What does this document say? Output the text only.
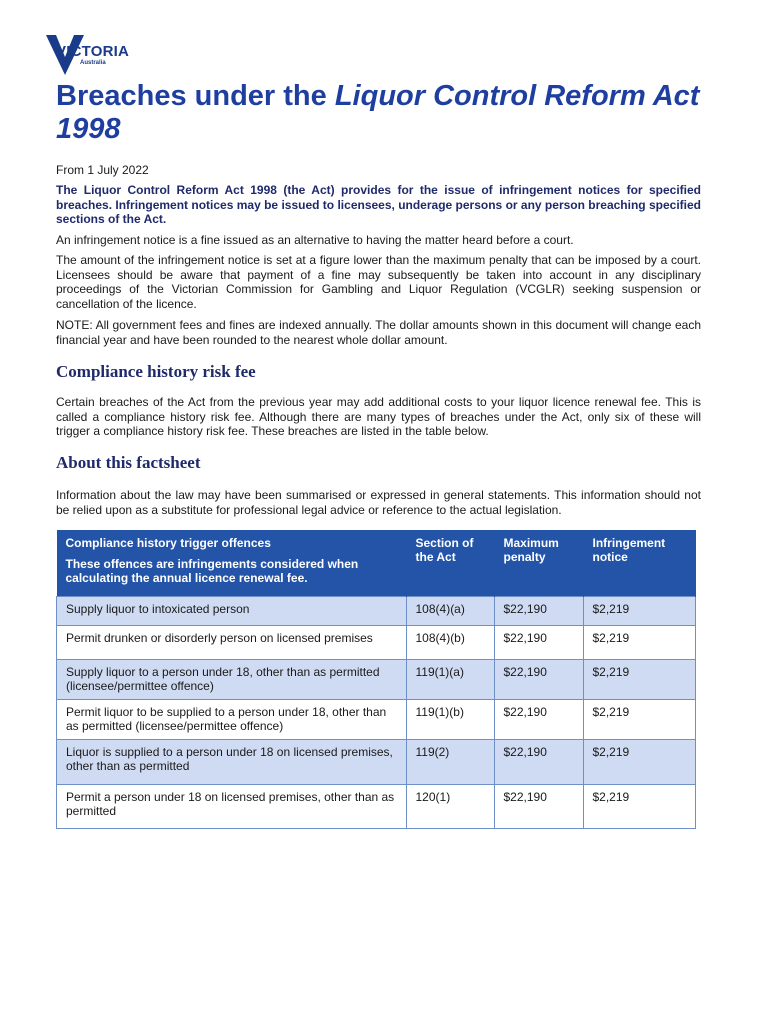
VICTORIA
Australia
Breaches under the Liquor Control Reform Act 1998

From 1 July 2022

The Liquor Control Reform Act 1998 (the Act) provides for the issue of infringement notices for specified breaches. Infringement notices may be issued to licensees, underage persons or any person breaching specified sections of the Act.

An infringement notice is a fine issued as an alternative to having the matter heard before a court.

The amount of the infringement notice is set at a figure lower than the maximum penalty that can be imposed by a court. Licensees should be aware that payment of a fine may subsequently be taken into account in any disciplinary proceedings of the Victorian Commission for Gambling and Liquor Regulation (VCGLR) seeking suspension or cancellation of the licence.

NOTE: All government fees and fines are indexed annually. The dollar amounts shown in this document will change each financial year and have been rounded to the nearest whole dollar amount.

Compliance history risk fee

Certain breaches of the Act from the previous year may add additional costs to your liquor licence renewal fee. This is called a compliance history risk fee. Although there are many types of breaches under the Act, only six of these will trigger a compliance history risk fee. These breaches are listed in the table below.

About this factsheet

Information about the law may have been summarised or expressed in general statements. This information should not be relied upon as a substitute for professional legal advice or reference to the actual legislation.

Compliance history trigger offences
These offences are infringements considered when calculating the annual licence renewal fee.	Section of the Act	Maximum penalty	Infringement notice
Supply liquor to intoxicated person	108(4)(a)	$22,190	$2,219
Permit drunken or disorderly person on licensed premises	108(4)(b)	$22,190	$2,219
Supply liquor to a person under 18, other than as permitted (licensee/permittee offence)	119(1)(a)	$22,190	$2,219
Permit liquor to be supplied to a person under 18, other than as permitted (licensee/permittee offence)	119(1)(b)	$22,190	$2,219
Liquor is supplied to a person under 18 on licensed premises, other than as permitted	119(2)	$22,190	$2,219
Permit a person under 18 on licensed premises, other than as permitted	120(1)	$22,190	$2,219
